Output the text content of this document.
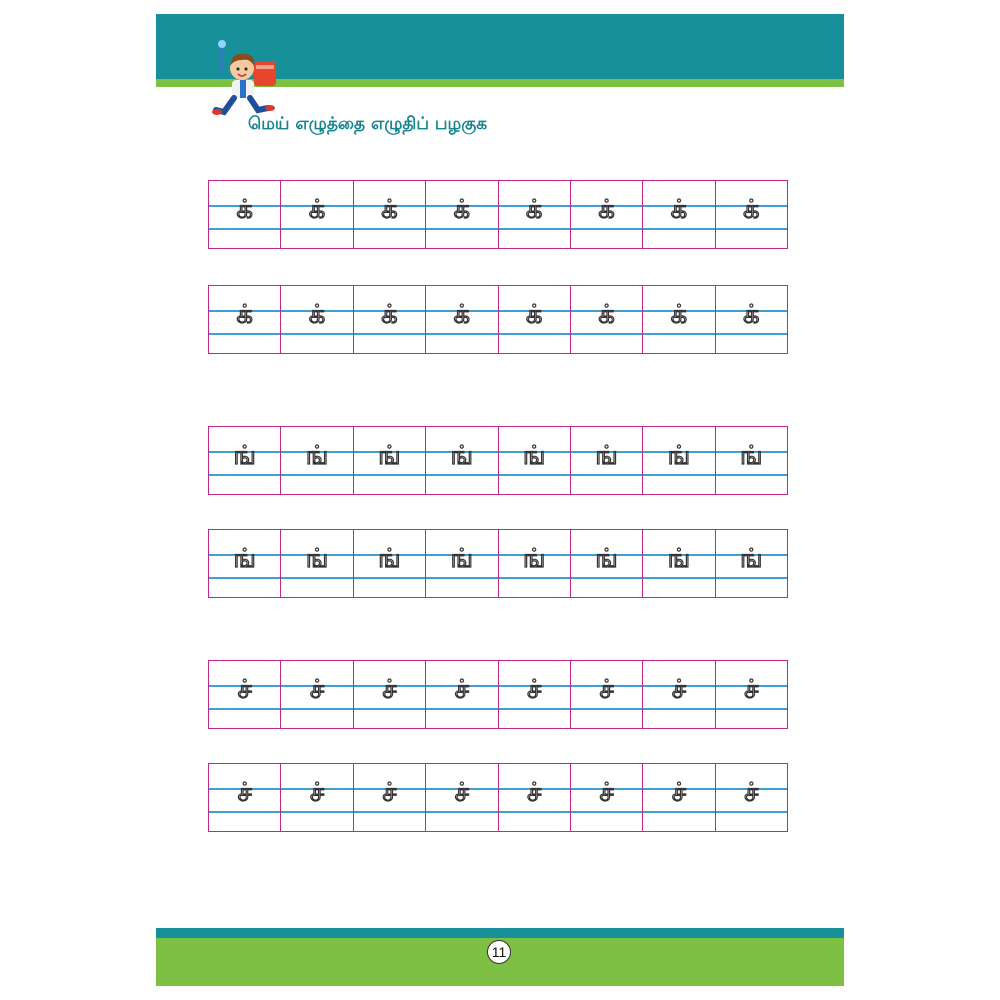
மெய் எழுத்தை எழுதிப் பழகுக
க்	க்	க்	க்	க்	க்	க்	க்
க்	க்	க்	க்	க்	க்	க்	க்
ங்	ங்	ங்	ங்	ங்	ங்	ங்	ங்
ங்	ங்	ங்	ங்	ங்	ங்	ங்	ங்
ச்	ச்	ச்	ச்	ச்	ச்	ச்	ச்
ச்	ச்	ச்	ச்	ச்	ச்	ச்	ச்
11
